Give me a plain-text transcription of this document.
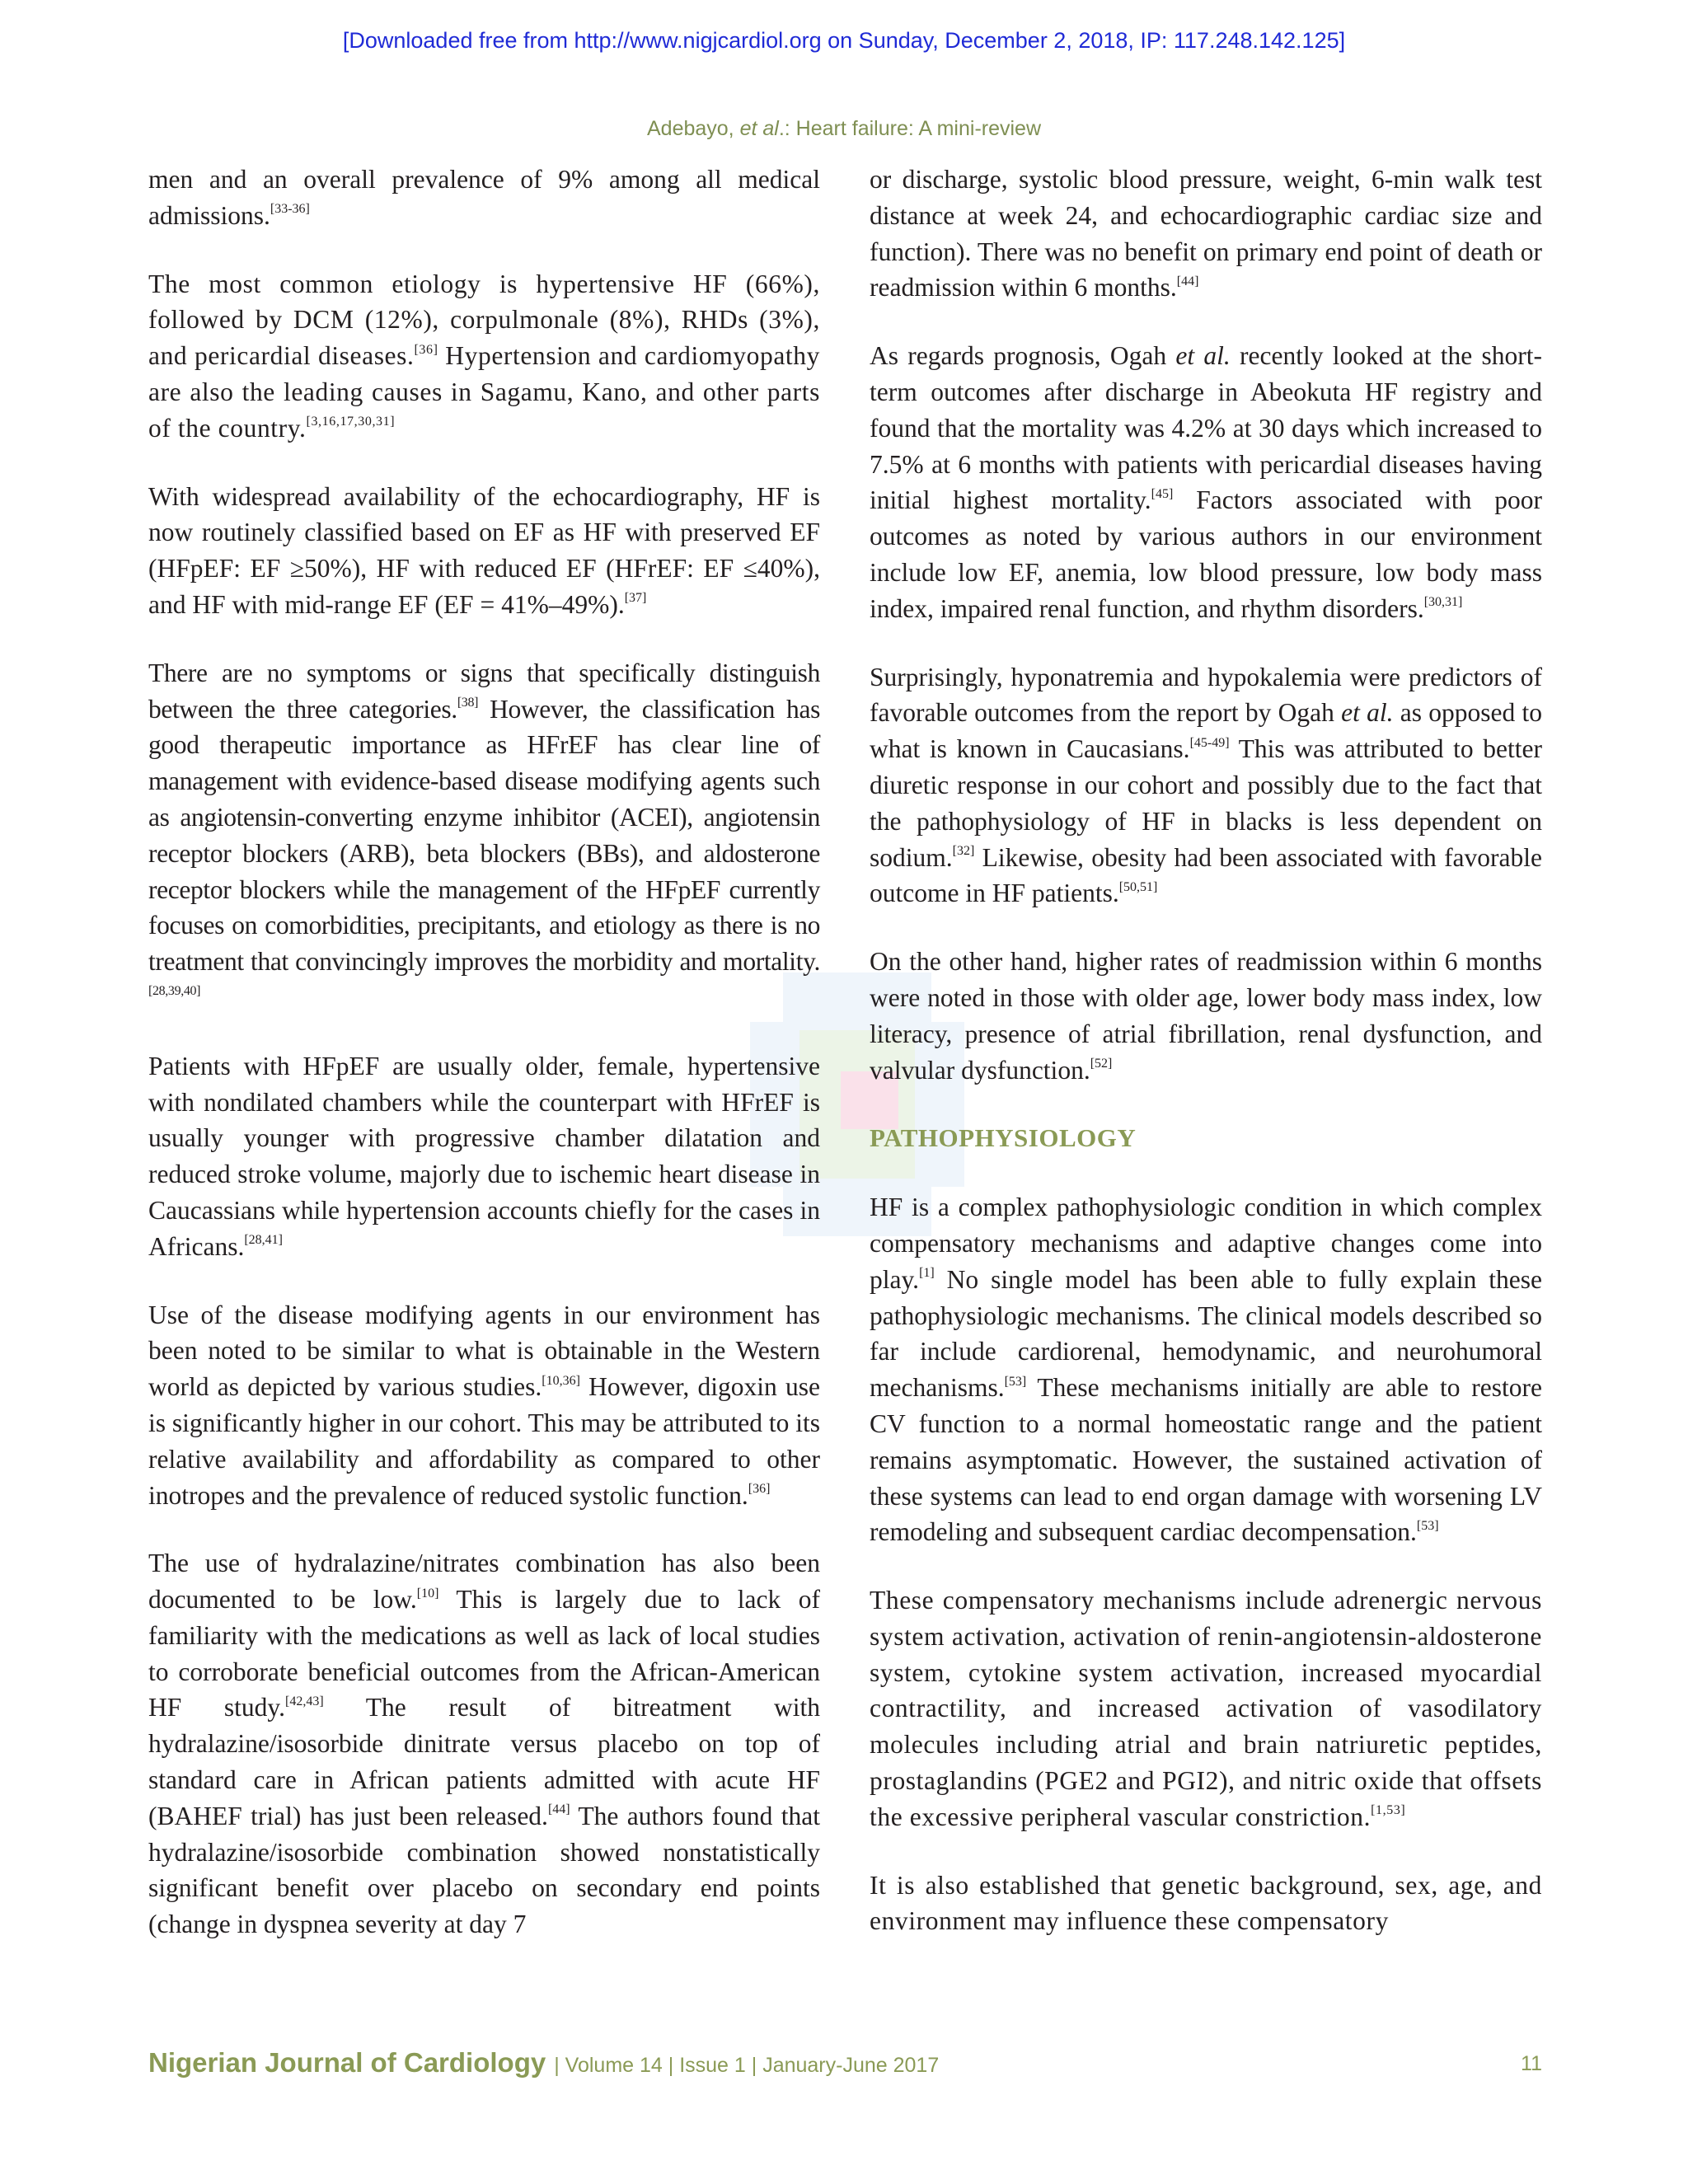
[Downloaded free from http://www.nigjcardiol.org on Sunday, December 2, 2018, IP: 117.248.142.125]
Adebayo, et al.: Heart failure: A mini-review

men and an overall prevalence of 9% among all medical admissions.[33-36]

The most common etiology is hypertensive HF (66%), followed by DCM (12%), corpulmonale (8%), RHDs (3%), and pericardial diseases.[36] Hypertension and cardiomyopathy are also the leading causes in Sagamu, Kano, and other parts of the country.[3,16,17,30,31]

With widespread availability of the echocardiography, HF is now routinely classified based on EF as HF with preserved EF (HFpEF: EF ≥50%), HF with reduced EF (HFrEF: EF ≤40%), and HF with mid-range EF (EF = 41%–49%).[37]

There are no symptoms or signs that specifically distinguish between the three categories.[38] However, the classification has good therapeutic importance as HFrEF has clear line of management with evidence-based disease modifying agents such as angiotensin-converting enzyme inhibitor (ACEI), angiotensin receptor blockers (ARB), beta blockers (BBs), and aldosterone receptor blockers while the management of the HFpEF currently focuses on comorbidities, precipitants, and etiology as there is no treatment that convincingly improves the morbidity and mortality.[28,39,40]

Patients with HFpEF are usually older, female, hypertensive with nondilated chambers while the counterpart with HFrEF is usually younger with progressive chamber dilatation and reduced stroke volume, majorly due to ischemic heart disease in Caucassians while hypertension accounts chiefly for the cases in Africans.[28,41]

Use of the disease modifying agents in our environment has been noted to be similar to what is obtainable in the Western world as depicted by various studies.[10,36] However, digoxin use is significantly higher in our cohort. This may be attributed to its relative availability and affordability as compared to other inotropes and the prevalence of reduced systolic function.[36]

The use of hydralazine/nitrates combination has also been documented to be low.[10] This is largely due to lack of familiarity with the medications as well as lack of local studies to corroborate beneficial outcomes from the African-American HF study.[42,43] The result of bitreatment with hydralazine/isosorbide dinitrate versus placebo on top of standard care in African patients admitted with acute HF (BAHEF trial) has just been released.[44] The authors found that hydralazine/isosorbide combination showed nonstatistically significant benefit over placebo on secondary end points (change in dyspnea severity at day 7

or discharge, systolic blood pressure, weight, 6-min walk test distance at week 24, and echocardiographic cardiac size and function). There was no benefit on primary end point of death or readmission within 6 months.[44]

As regards prognosis, Ogah et al. recently looked at the short-term outcomes after discharge in Abeokuta HF registry and found that the mortality was 4.2% at 30 days which increased to 7.5% at 6 months with patients with pericardial diseases having initial highest mortality.[45] Factors associated with poor outcomes as noted by various authors in our environment include low EF, anemia, low blood pressure, low body mass index, impaired renal function, and rhythm disorders.[30,31]

Surprisingly, hyponatremia and hypokalemia were predictors of favorable outcomes from the report by Ogah et al. as opposed to what is known in Caucasians.[45-49] This was attributed to better diuretic response in our cohort and possibly due to the fact that the pathophysiology of HF in blacks is less dependent on sodium.[32] Likewise, obesity had been associated with favorable outcome in HF patients.[50,51]

On the other hand, higher rates of readmission within 6 months were noted in those with older age, lower body mass index, low literacy, presence of atrial fibrillation, renal dysfunction, and valvular dysfunction.[52]

PATHOPHYSIOLOGY

HF is a complex pathophysiologic condition in which complex compensatory mechanisms and adaptive changes come into play.[1] No single model has been able to fully explain these pathophysiologic mechanisms. The clinical models described so far include cardiorenal, hemodynamic, and neurohumoral mechanisms.[53] These mechanisms initially are able to restore CV function to a normal homeostatic range and the patient remains asymptomatic. However, the sustained activation of these systems can lead to end organ damage with worsening LV remodeling and subsequent cardiac decompensation.[53]

These compensatory mechanisms include adrenergic nervous system activation, activation of renin-angiotensin-aldosterone system, cytokine system activation, increased myocardial contractility, and increased activation of vasodilatory molecules including atrial and brain natriuretic peptides, prostaglandins (PGE2 and PGI2), and nitric oxide that offsets the excessive peripheral vascular constriction.[1,53]

It is also established that genetic background, sex, age, and environment may influence these compensatory

Nigerian Journal of Cardiology | Volume 14 | Issue 1 | January-June 2017	11
